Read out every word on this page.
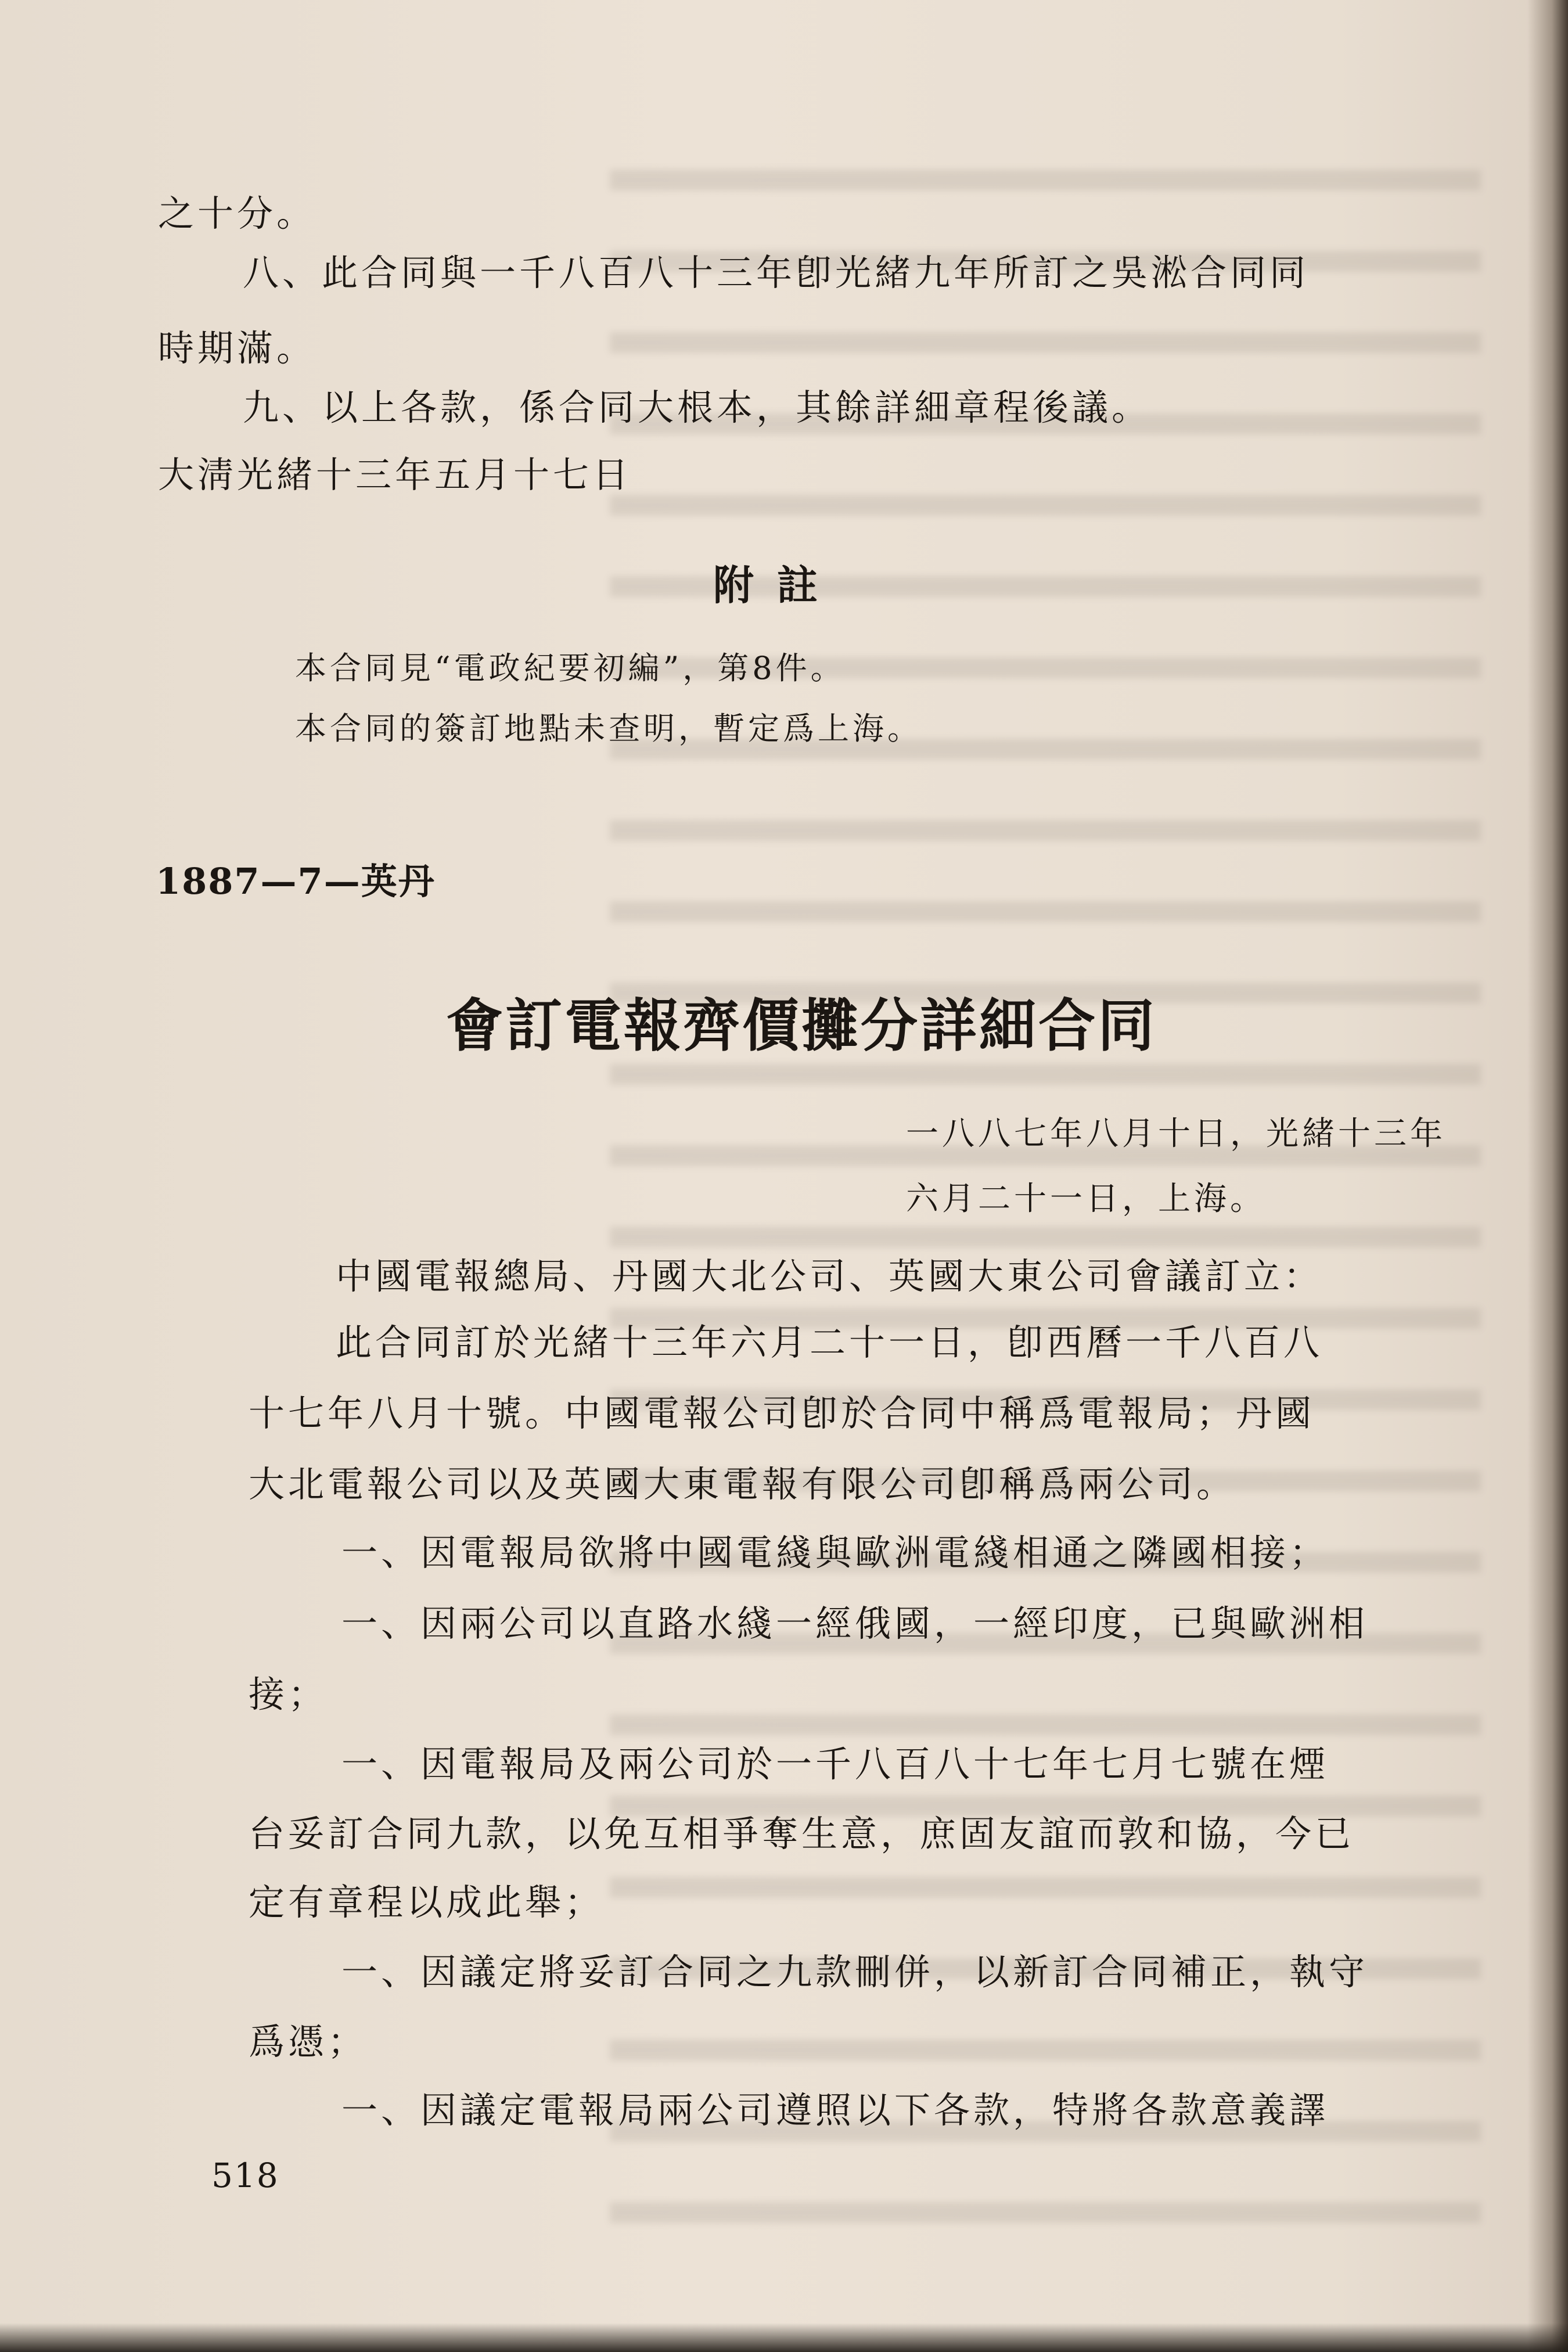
之十分。
八、此合同與一千八百八十三年卽光緒九年所訂之吳淞合同同
時期滿。
九、以上各款，係合同大根本，其餘詳細章程後議。
大淸光緒十三年五月十七日
附註
本合同見“電政紀要初編”，第8件。
本合同的簽訂地點未查明，暫定爲上海。
1887—7—英丹
會訂電報齊價攤分詳細合同
一八八七年八月十日，光緒十三年
六月二十一日，上海。
中國電報總局、丹國大北公司、英國大東公司會議訂立：
此合同訂於光緒十三年六月二十一日，卽西曆一千八百八
十七年八月十號。中國電報公司卽於合同中稱爲電報局；丹國
大北電報公司以及英國大東電報有限公司卽稱爲兩公司。
一、因電報局欲將中國電綫與歐洲電綫相通之隣國相接；
一、因兩公司以直路水綫一經俄國，一經印度，已與歐洲相
接；
一、因電報局及兩公司於一千八百八十七年七月七號在煙
台妥訂合同九款，以免互相爭奪生意，庶固友誼而敦和協，今已
定有章程以成此舉；
一、因議定將妥訂合同之九款刪併，以新訂合同補正，執守
爲憑；
一、因議定電報局兩公司遵照以下各款，特將各款意義譯
518
